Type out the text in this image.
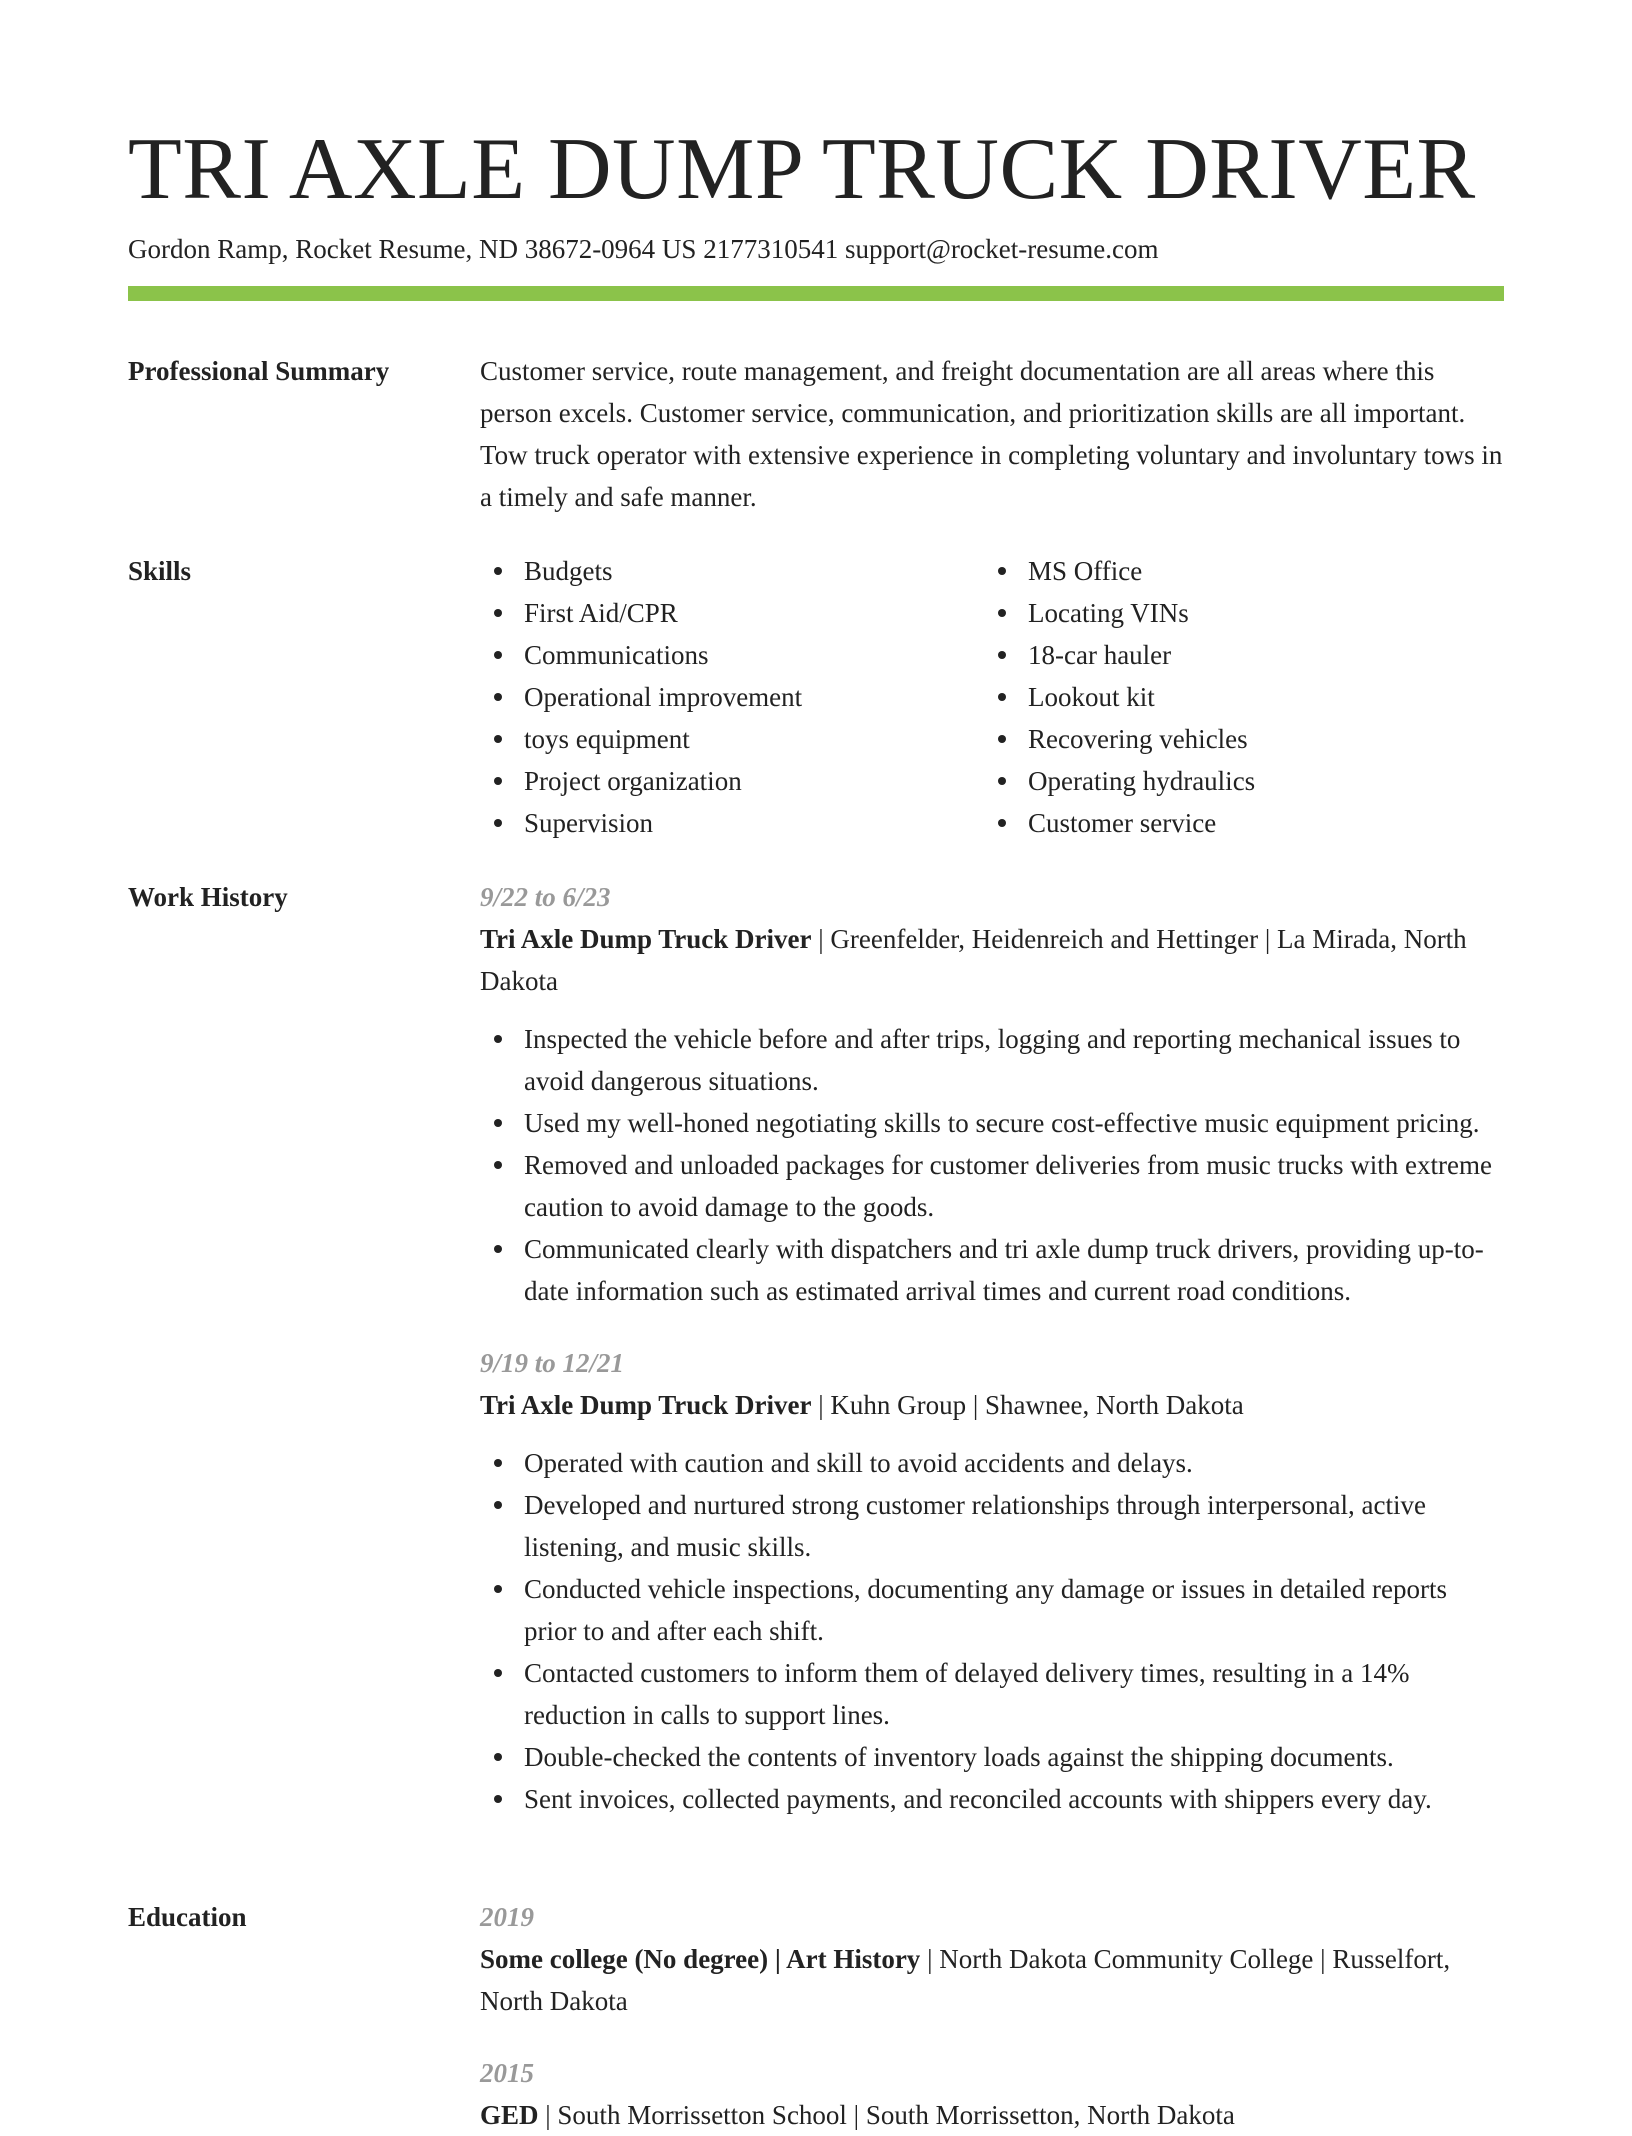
TRI AXLE DUMP TRUCK DRIVER
Gordon Ramp, Rocket Resume, ND 38672-0964 US 2177310541 support@rocket-resume.com
Professional Summary	Customer service, route management, and freight documentation are all areas where this person excels. Customer service, communication, and prioritization skills are all important. Tow truck operator with extensive experience in completing voluntary and involuntary tows in a timely and safe manner.

Skills	Budgets
First Aid/CPR
Communications
Operational improvement
toys equipment
Project organization
Supervision
MS Office
Locating VINs
18-car hauler
Lookout kit
Recovering vehicles
Operating hydraulics
Customer service
Work History	9/22 to 6/23
Tri Axle Dump Truck Driver | Greenfelder, Heidenreich and Hettinger | La Mirada, North Dakota
Inspected the vehicle before and after trips, logging and reporting mechanical issues to avoid dangerous situations.
Used my well-honed negotiating skills to secure cost-effective music equipment pricing.
Removed and unloaded packages for customer deliveries from music trucks with extreme caution to avoid damage to the goods.
Communicated clearly with dispatchers and tri axle dump truck drivers, providing up-to-date information such as estimated arrival times and current road conditions.
9/19 to 12/21
Tri Axle Dump Truck Driver | Kuhn Group | Shawnee, North Dakota
Operated with caution and skill to avoid accidents and delays.
Developed and nurtured strong customer relationships through interpersonal, active listening, and music skills.
Conducted vehicle inspections, documenting any damage or issues in detailed reports prior to and after each shift.
Contacted customers to inform them of delayed delivery times, resulting in a 14% reduction in calls to support lines.
Double-checked the contents of inventory loads against the shipping documents.
Sent invoices, collected payments, and reconciled accounts with shippers every day.
Education	2019
Some college (No degree) | Art History | North Dakota Community College | Russelfort, North Dakota
2015
GED | South Morrissetton School | South Morrissetton, North Dakota
